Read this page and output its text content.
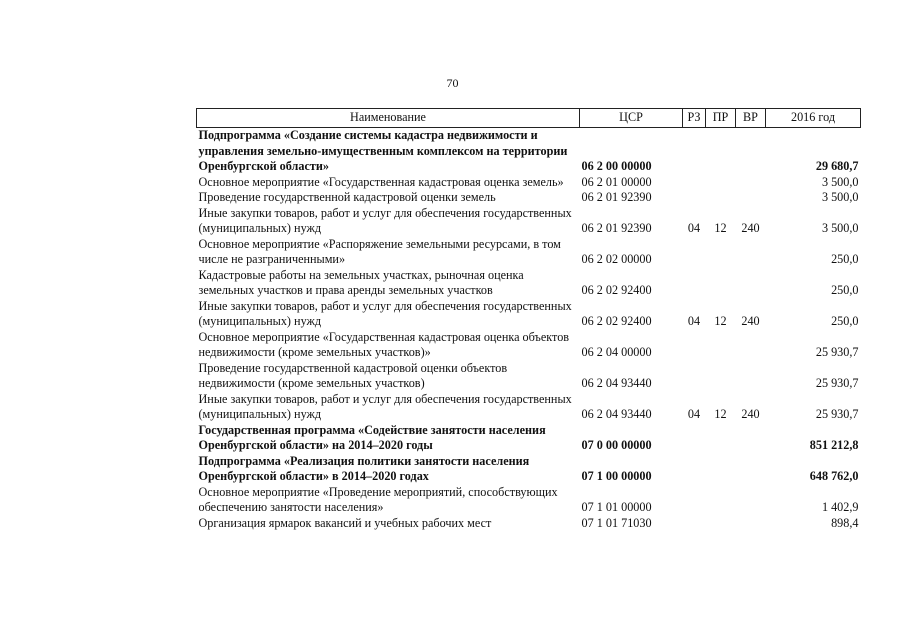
70
Наименование	ЦСР	РЗ	ПР	ВР	2016 год
Подпрограмма «Создание системы кадастра недвижимости и управления земельно-имущественным комплексом на территории Оренбургской области»	06 2 00 00000				29 680,7
Основное мероприятие «Государственная кадастровая оценка земель»	06 2 01 00000				3 500,0
Проведение государственной кадастровой оценки земель	06 2 01 92390				3 500,0
Иные закупки товаров, работ и услуг для обеспечения государственных (муниципальных) нужд	06 2 01 92390	04	12	240	3 500,0
Основное мероприятие «Распоряжение земельными ресурсами, в том числе не разграниченными»	06 2 02 00000				250,0
Кадастровые работы на земельных участках, рыночная оценка земельных участков и права аренды земельных участков	06 2 02 92400				250,0
Иные закупки товаров, работ и услуг для обеспечения государственных (муниципальных) нужд	06 2 02 92400	04	12	240	250,0
Основное мероприятие «Государственная кадастровая оценка объектов недвижимости (кроме земельных участков)»	06 2 04 00000				25 930,7
Проведение государственной кадастровой оценки объектов недвижимости (кроме земельных участков)	06 2 04 93440				25 930,7
Иные закупки товаров, работ и услуг для обеспечения государственных (муниципальных) нужд	06 2 04 93440	04	12	240	25 930,7
Государственная программа «Содействие занятости населения Оренбургской области» на 2014–2020 годы	07 0 00 00000				851 212,8
Подпрограмма «Реализация политики занятости населения Оренбургской области» в 2014–2020 годах	07 1 00 00000				648 762,0
Основное мероприятие «Проведение мероприятий, способствующих обеспечению занятости населения»	07 1 01 00000				1 402,9
Организация ярмарок вакансий и учебных рабочих мест	07 1 01 71030				898,4
